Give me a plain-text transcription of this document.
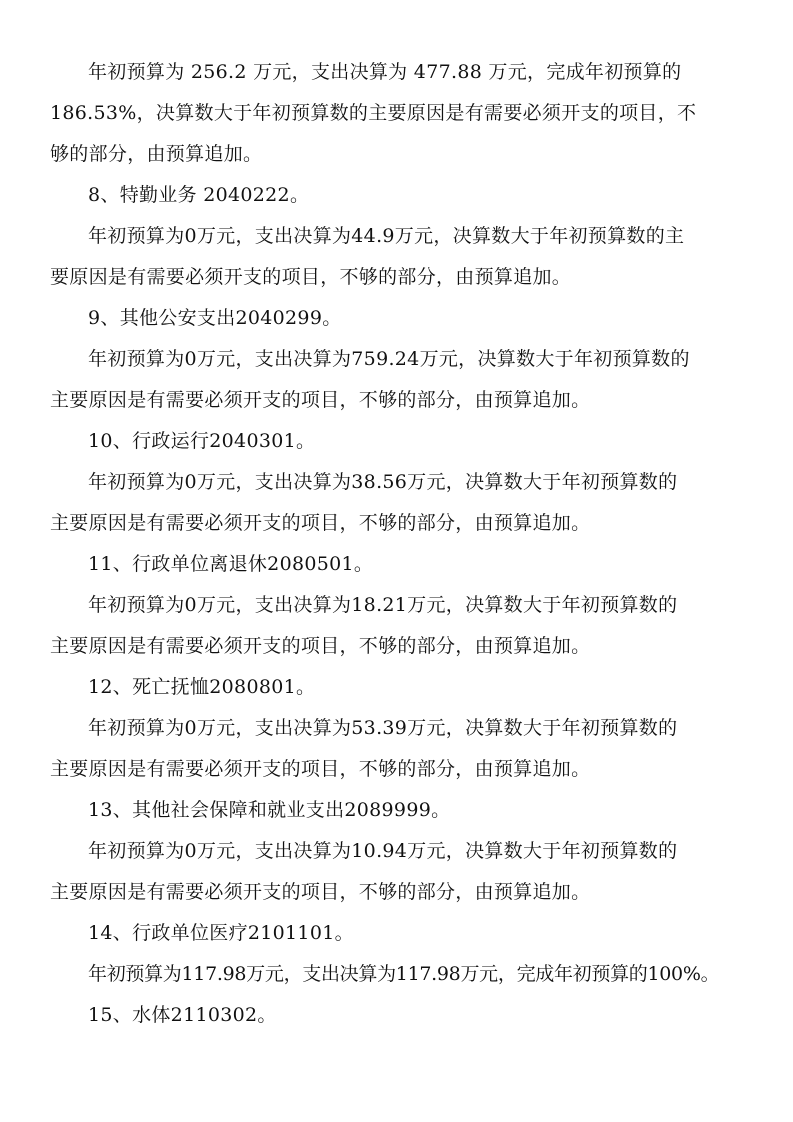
年初预算为 256.2 万元，支出决算为 477.88 万元，完成年初预算的
186.53%，决算数大于年初预算数的主要原因是有需要必须开支的项目，不
够的部分，由预算追加。

8、特勤业务 2040222。

年初预算为0万元，支出决算为44.9万元，决算数大于年初预算数的主
要原因是有需要必须开支的项目，不够的部分，由预算追加。

9、其他公安支出2040299。

年初预算为0万元，支出决算为759.24万元，决算数大于年初预算数的
主要原因是有需要必须开支的项目，不够的部分，由预算追加。

10、行政运行2040301。

年初预算为0万元，支出决算为38.56万元，决算数大于年初预算数的
主要原因是有需要必须开支的项目，不够的部分，由预算追加。

11、行政单位离退休2080501。

年初预算为0万元，支出决算为18.21万元，决算数大于年初预算数的
主要原因是有需要必须开支的项目，不够的部分，由预算追加。

12、死亡抚恤2080801。

年初预算为0万元，支出决算为53.39万元，决算数大于年初预算数的
主要原因是有需要必须开支的项目，不够的部分，由预算追加。

13、其他社会保障和就业支出2089999。

年初预算为0万元，支出决算为10.94万元，决算数大于年初预算数的
主要原因是有需要必须开支的项目，不够的部分，由预算追加。

14、行政单位医疗2101101。

年初预算为117.98万元，支出决算为117.98万元，完成年初预算的100%。

15、水体2110302。
